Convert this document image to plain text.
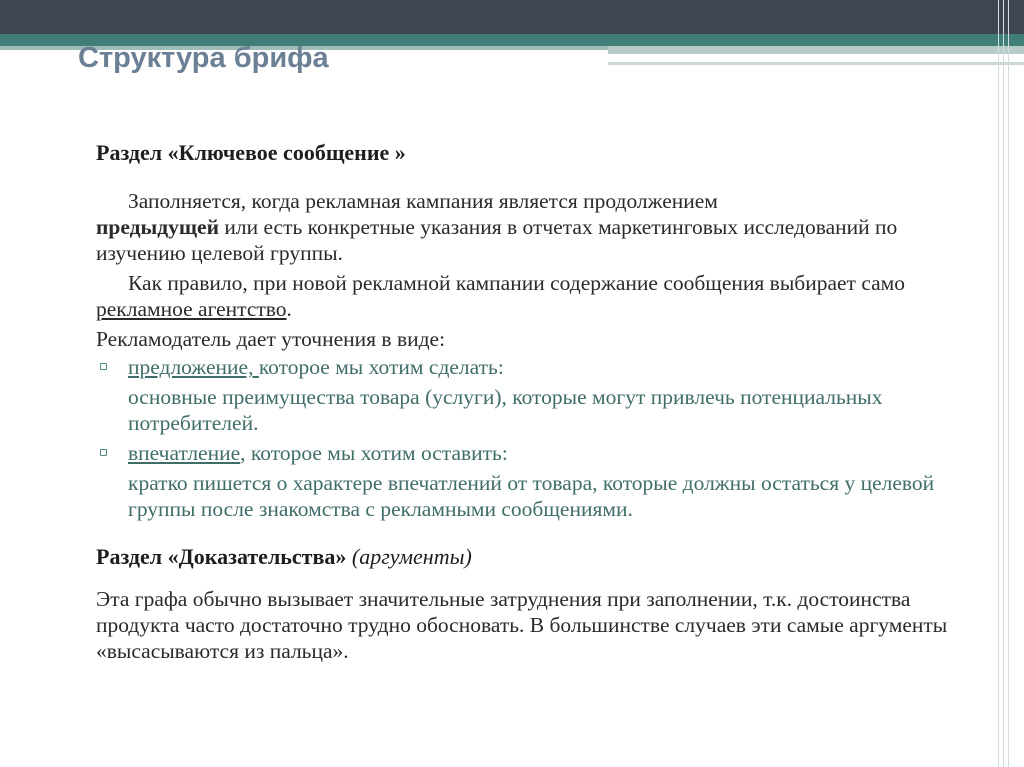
Структура брифа
Раздел «Ключевое сообщение »

Заполняется, когда рекламная кампания является продолжением
предыдущей или есть конкретные указания в отчетах маркетинговых исследований по изучению целевой группы.

Как правило, при новой рекламной кампании содержание сообщения выбирает само рекламное агентство.

Рекламодатель дает уточнения в виде:

предложение, которое мы хотим сделать:
основные преимущества товара (услуги), которые могут привлечь потенциальных потребителей.
впечатление, которое мы хотим оставить:
кратко пишется о характере впечатлений от товара, которые должны остаться у целевой группы после знакомства с рекламными сообщениями.
Раздел «Доказательства» (аргументы)

Эта графа обычно вызывает значительные затруднения при заполнении, т.к. достоинства продукта часто достаточно трудно обосновать. В большинстве случаев эти самые аргументы «высасываются из пальца».
